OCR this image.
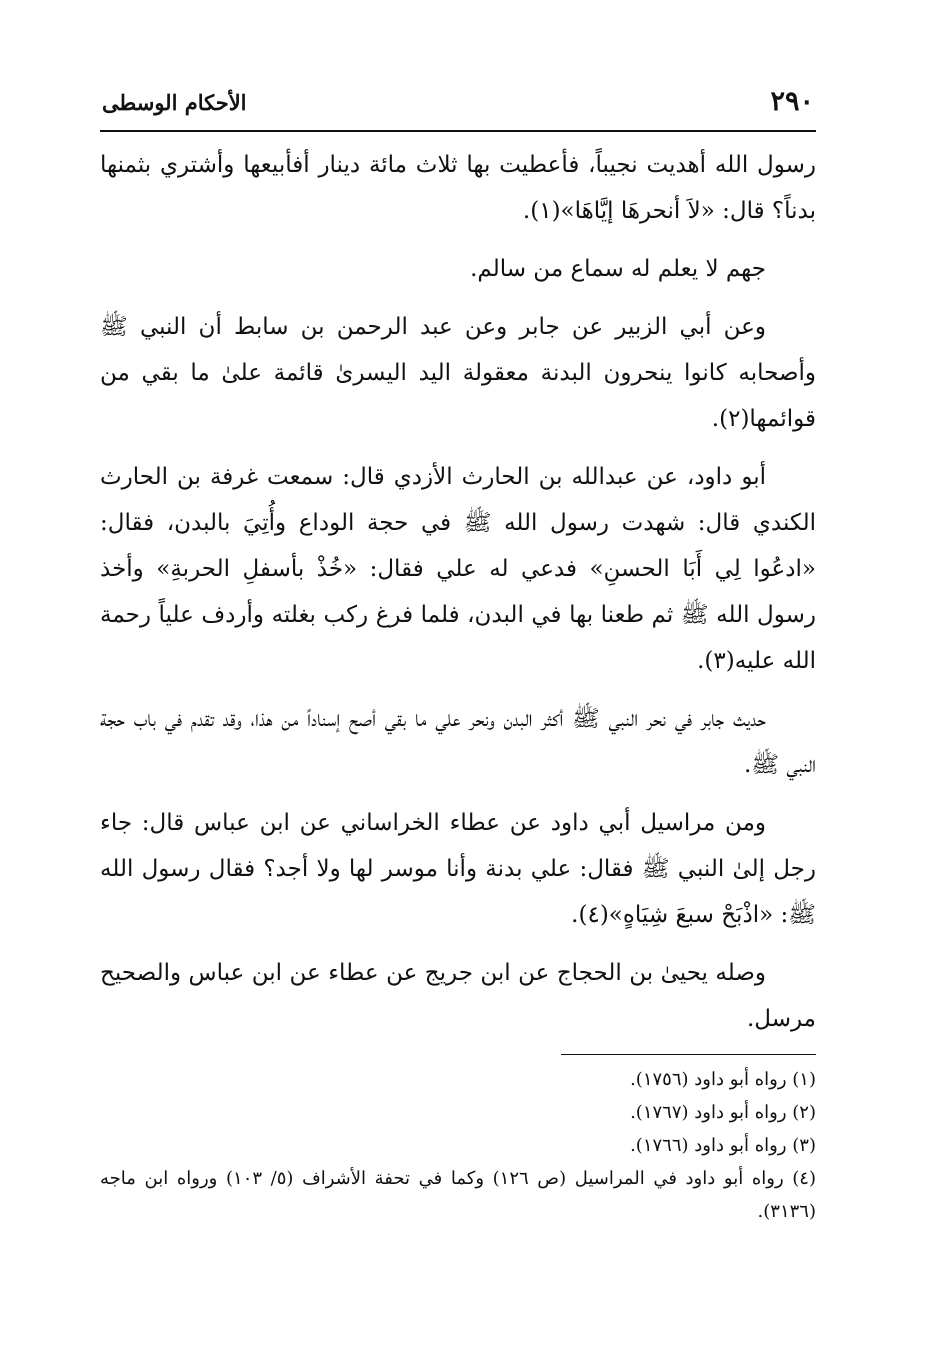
٢٩٠
الأحكام الوسطى

رسول الله أهديت نجيباً، فأعطيت بها ثلاث مائة دينار أفأبيعها وأشتري بثمنها بدناً؟ قال: «لاَ أنحرهَا إيَّاهَا»(١).

جهم لا يعلم له سماع من سالم.

وعن أبي الزبير عن جابر وعن عبد الرحمن بن سابط أن النبي ﷺ وأصحابه كانوا ينحرون البدنة معقولة اليد اليسرىٰ قائمة علىٰ ما بقي من قوائمها(٢).

أبو داود، عن عبدالله بن الحارث الأزدي قال: سمعت غرفة بن الحارث الكندي قال: شهدت رسول الله ﷺ في حجة الوداع وأُتِيَ بالبدن، فقال: «ادعُوا لِي أَبَا الحسنِ» فدعي له علي فقال: «خُذْ بأسفلِ الحربةِ» وأخذ رسول الله ﷺ ثم طعنا بها في البدن، فلما فرغ ركب بغلته وأردف علياً رحمة الله عليه(٣).

حديث جابر في نحر النبي ﷺ أكثر البدن ونحر علي ما بقي أصح إسناداً من هذا، وقد تقدم في باب حجة النبي ﷺ.

ومن مراسيل أبي داود عن عطاء الخراساني عن ابن عباس قال: جاء رجل إلىٰ النبي ﷺ فقال: علي بدنة وأنا موسر لها ولا أجد؟ فقال رسول الله ﷺ: «اذْبَحْ سبعَ شِيَاهٍ»(٤).

وصله يحيىٰ بن الحجاج عن ابن جريج عن عطاء عن ابن عباس والصحيح مرسل.

(١) رواه أبو داود (١٧٥٦).

(٢) رواه أبو داود (١٧٦٧).

(٣) رواه أبو داود (١٧٦٦).

(٤) رواه أبو داود في المراسيل (ص ١٢٦) وكما في تحفة الأشراف (٥/ ١٠٣) ورواه ابن ماجه (٣١٣٦).
